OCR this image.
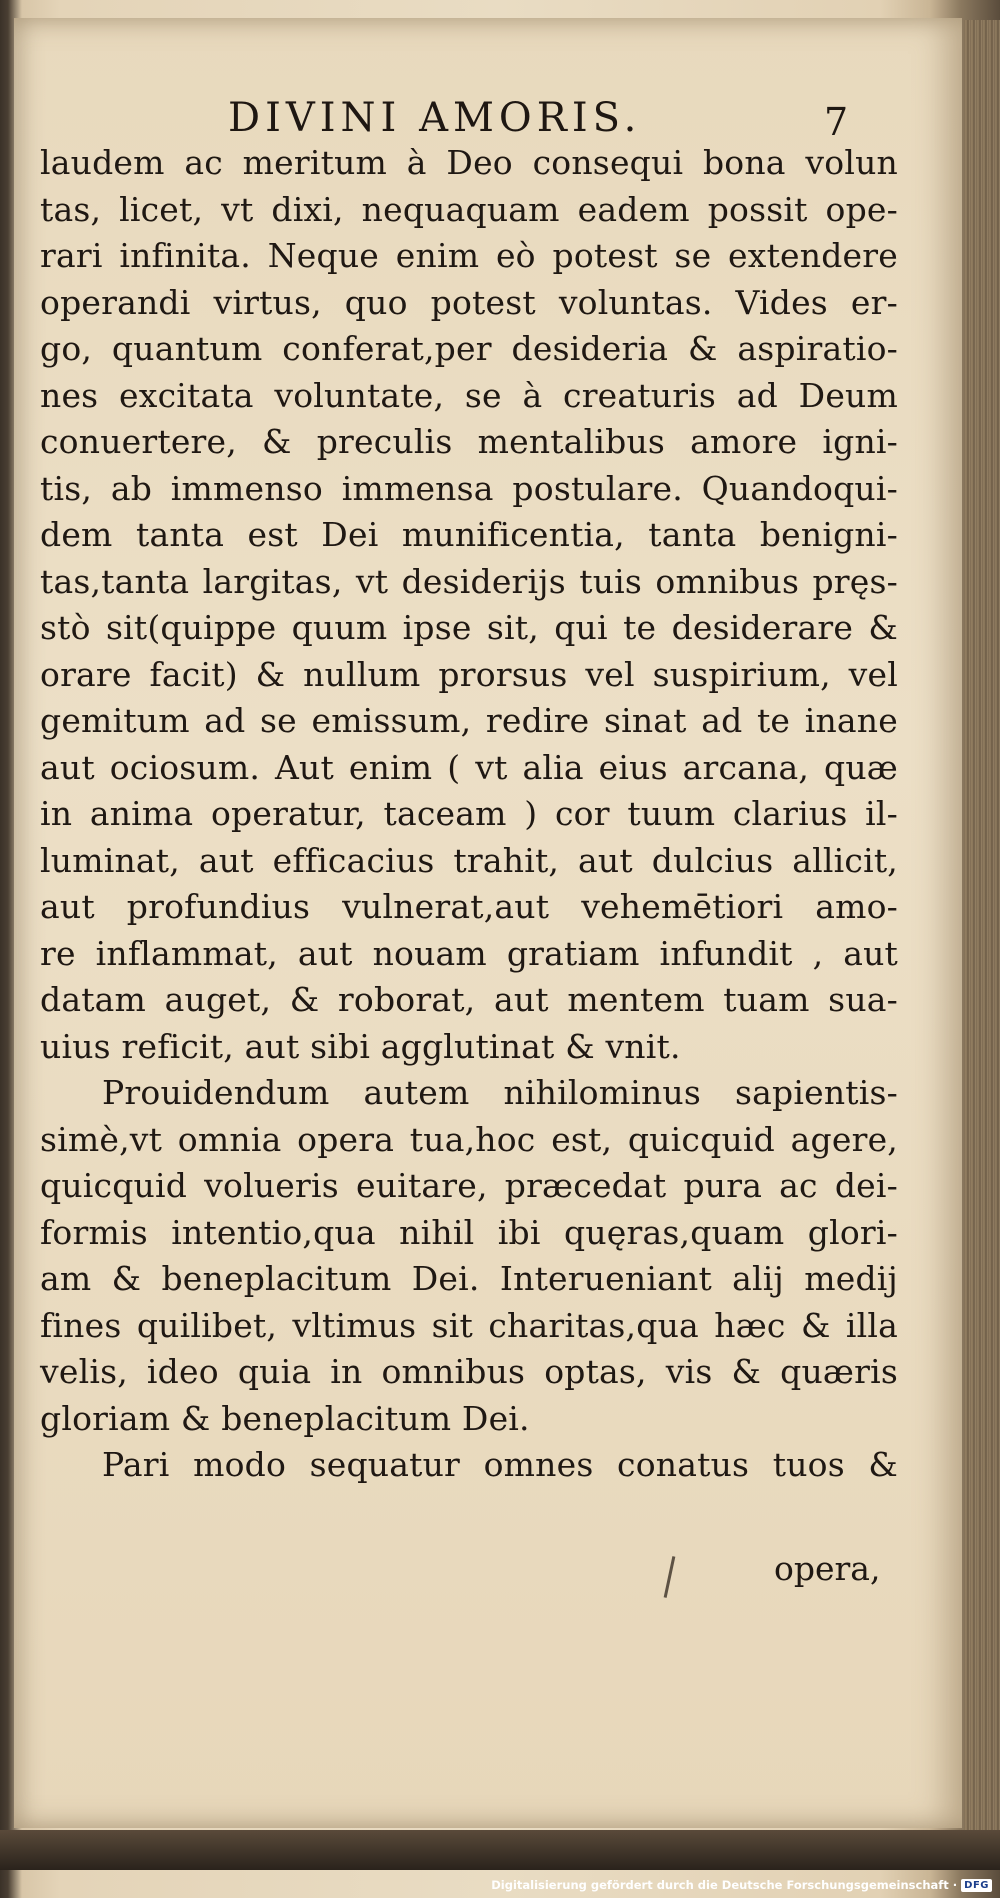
DIVINI AMORIS.	7
laudem ac meritum à Deo consequi bona volun
tas, licet, vt dixi, nequaquam eadem possit ope-
rari infinita. Neque enim eò potest se extendere
operandi virtus, quo potest voluntas. Vides er-
go, quantum conferat,per desideria & aspiratio-
nes excitata voluntate, se à creaturis ad Deum
conuertere, & preculis mentalibus amore igni-
tis, ab immenso immensa postulare. Quandoqui-
dem tanta est Dei munificentia, tanta benigni-
tas,tanta largitas, vt desiderijs tuis omnibus pręs-
stò sit(quippe quum ipse sit, qui te desiderare &
orare facit) & nullum prorsus vel suspirium, vel
gemitum ad se emissum, redire sinat ad te inane
aut ociosum. Aut enim ( vt alia eius arcana, quæ
in anima operatur, taceam ) cor tuum clarius il-
luminat, aut efficacius trahit, aut dulcius allicit,
aut profundius vulnerat,aut vehemētiori amo-
re inflammat, aut nouam gratiam infundit , aut
datam auget, & roborat, aut mentem tuam sua-
uius reficit, aut sibi agglutinat & vnit.
Prouidendum autem nihilominus sapientis-
simè,vt omnia opera tua,hoc est, quicquid agere,
quicquid volueris euitare, præcedat pura ac dei-
formis intentio,qua nihil ibi quęras,quam glori-
am & beneplacitum Dei. Interueniant alij medij
fines quilibet, vltimus sit charitas,qua hæc & illa
velis, ideo quia in omnibus optas, vis & quæris
gloriam & beneplacitum Dei.
Pari modo sequatur omnes conatus tuos &
opera,
Digitalisierung gefördert durch die Deutsche Forschungsgemeinschaft · DFG
